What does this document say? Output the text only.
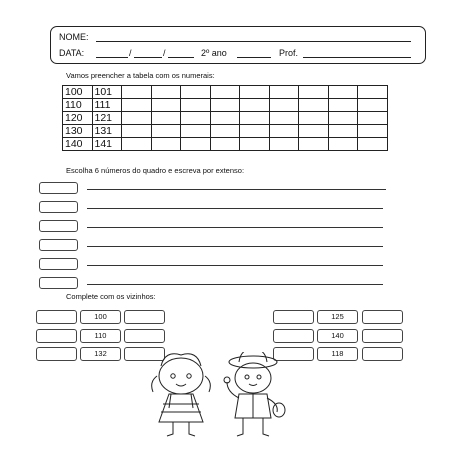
NOME:
DATA:	/	/	2º ano	Prof.
Vamos preencher a tabela com os numerais:
100	101									
110	111									
120	121									
130	131									
140	141									
Escolha 6 números do quadro e escreva por extenso:
Complete com os vizinhos:
100
110
132
125
140
118
